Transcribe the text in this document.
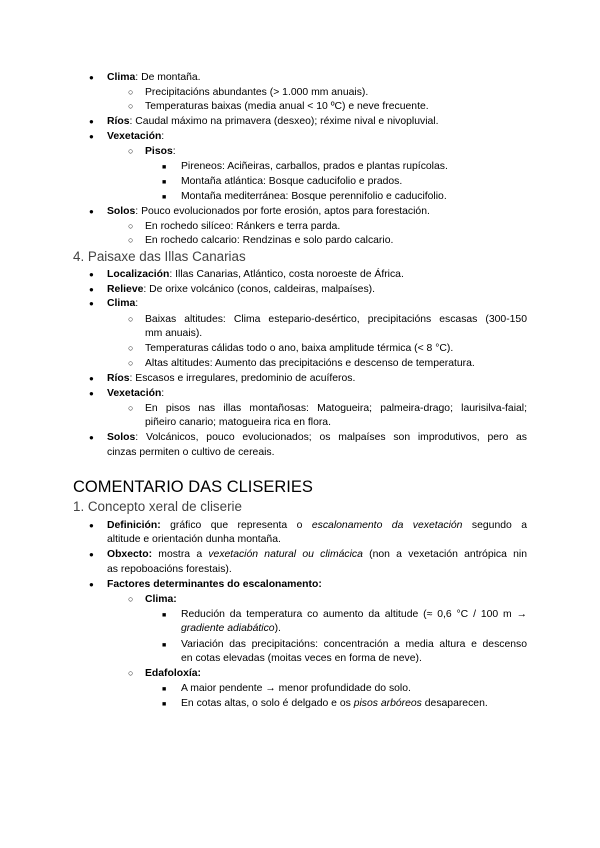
●
Clima: De montaña.
○
Precipitacións abundantes (> 1.000 mm anuais).
○
Temperaturas baixas (media anual < 10 ºC) e neve frecuente.
●
Ríos: Caudal máximo na primavera (desxeo); réxime nival e nivopluvial.
●
Vexetación:
○
Pisos:
■
Pireneos: Aciñeiras, carballos, prados e plantas rupícolas.
■
Montaña atlántica: Bosque caducifolio e prados.
■
Montaña mediterránea: Bosque perennifolio e caducifolio.
●
Solos: Pouco evolucionados por forte erosión, aptos para forestación.
○
En rochedo silíceo: Ránkers e terra parda.
○
En rochedo calcario: Rendzinas e solo pardo calcario.
4. Paisaxe das Illas Canarias
●
Localización: Illas Canarias, Atlántico, costa noroeste de África.
●
Relieve: De orixe volcánico (conos, caldeiras, malpaíses).
●
Clima:
○
Baixas altitudes: Clima estepario-desértico, precipitacións escasas (300-150
mm anuais).
○
Temperaturas cálidas todo o ano, baixa amplitude térmica (< 8 °C).
○
Altas altitudes: Aumento das precipitacións e descenso de temperatura.
●
Ríos: Escasos e irregulares, predominio de acuíferos.
●
Vexetación:
○
En pisos nas illas montañosas: Matogueira; palmeira-drago; laurisilva-faial;
piñeiro canario; matogueira rica en flora.
●
Solos: Volcánicos, pouco evolucionados; os malpaíses son improdutivos, pero as
cinzas permiten o cultivo de cereais.
COMENTARIO DAS CLISERIES
1. Concepto xeral de cliserie
●
Definición: gráfico que representa o escalonamento da vexetación segundo a
altitude e orientación dunha montaña.
●
Obxecto: mostra a vexetación natural ou climácica (non a vexetación antrópica nin
as repoboacións forestais).
●
Factores determinantes do escalonamento:
○
Clima:
■
Redución da temperatura co aumento da altitude (≈ 0,6 °C / 100 m →
gradiente adiabático).
■
Variación das precipitacións: concentración a media altura e descenso
en cotas elevadas (moitas veces en forma de neve).
○
Edafoloxía:
■
A maior pendente → menor profundidade do solo.
■
En cotas altas, o solo é delgado e os pisos arbóreos desaparecen.
